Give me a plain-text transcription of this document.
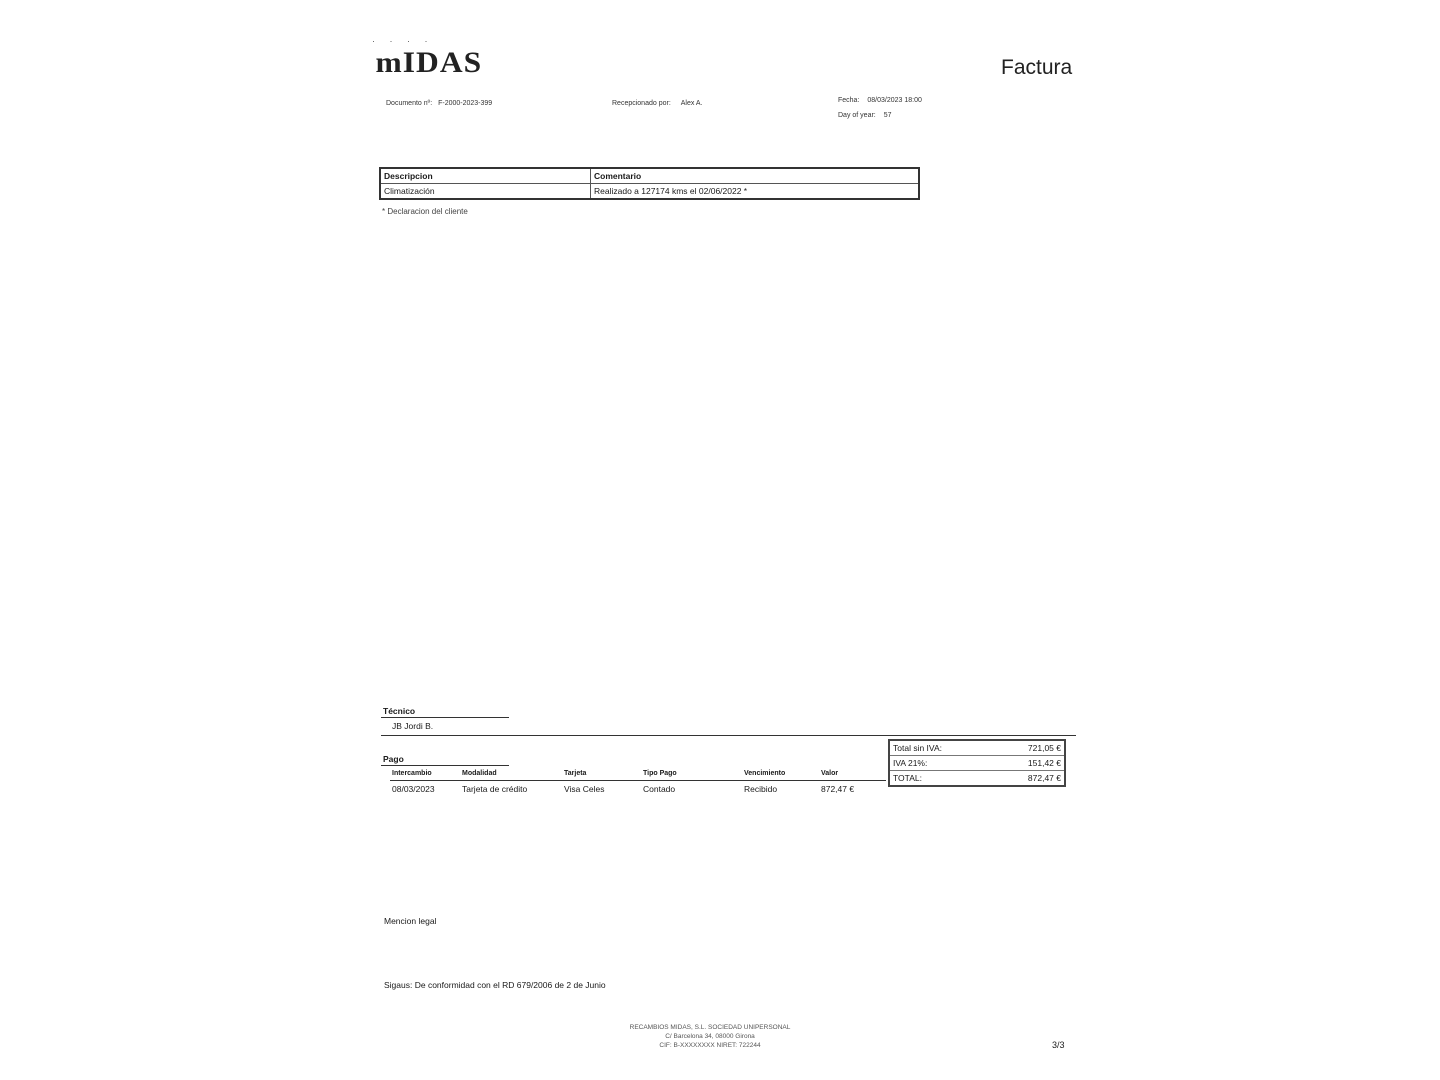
· · · ·
mIDAS	Factura
Documento nº: F-2000-2023-399	Recepcionado por: Alex A.	Fecha: 08/03/2023 18:00
Day of year: 57
Descripcion	Comentario
Climatización	Realizado a 127174 kms el 02/06/2022 *
* Declaracion del cliente
Técnico
JB Jordi B.
Pago
Intercambio	Modalidad	Tarjeta	Tipo Pago	Vencimiento	Valor
08/03/2023	Tarjeta de crédito	Visa Celes	Contado	Recibido	872,47 €
Total sin IVA:	721,05 €
IVA 21%:	151,42 €
TOTAL:	872,47 €
Mencion legal
Sigaus: De conformidad con el RD 679/2006 de 2 de Junio
RECAMBIOS MIDAS, S.L. SOCIEDAD UNIPERSONAL
C/ Barcelona 34, 08000 Girona
CIF: B-XXXXXXXX NIRET: 722244	3/3
